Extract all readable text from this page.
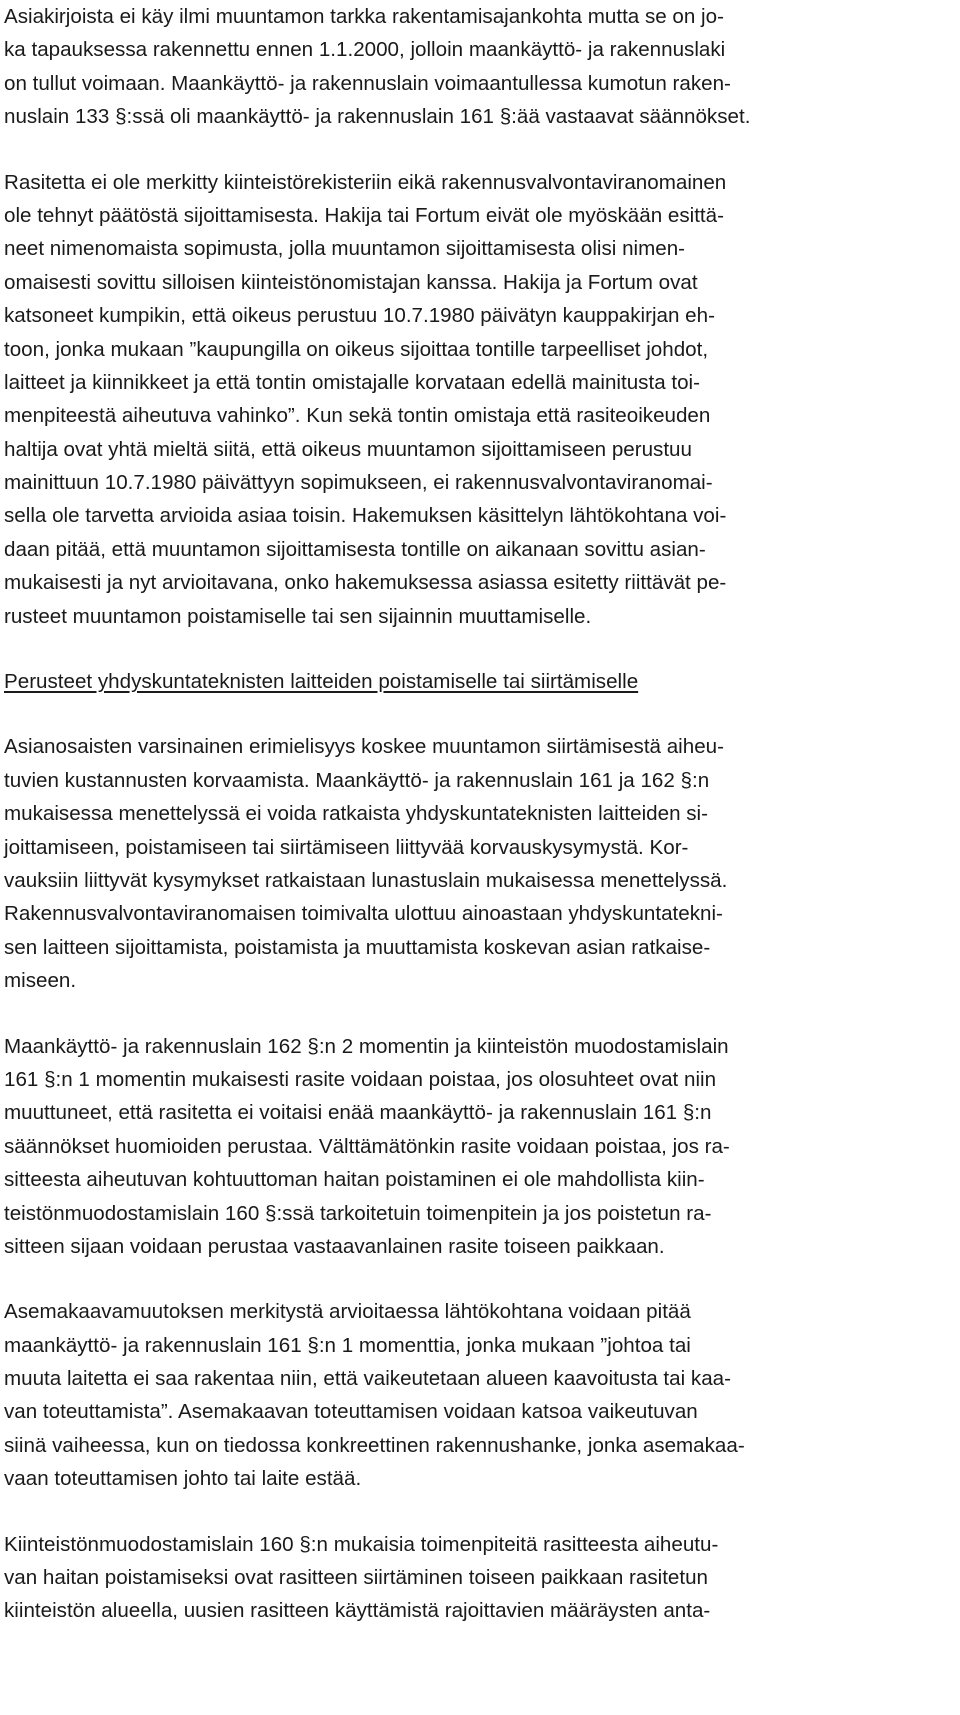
Asiakirjoista ei käy ilmi muuntamon tarkka rakentamisajankohta mutta se on jo-
ka tapauksessa rakennettu ennen 1.1.2000, jolloin maankäyttö- ja rakennuslaki
on tullut voimaan. Maankäyttö- ja rakennuslain voimaantullessa kumotun raken-
nuslain 133 §:ssä oli maankäyttö- ja rakennuslain 161 §:ää vastaavat säännökset.
Rasitetta ei ole merkitty kiinteistörekisteriin eikä rakennusvalvontaviranomainen
ole tehnyt päätöstä sijoittamisesta. Hakija tai Fortum eivät ole myöskään esittä-
neet nimenomaista sopimusta, jolla muuntamon sijoittamisesta olisi nimen-
omaisesti sovittu silloisen kiinteistönomistajan kanssa. Hakija ja Fortum ovat
katsoneet kumpikin, että oikeus perustuu 10.7.1980 päivätyn kauppakirjan eh-
toon, jonka mukaan ”kaupungilla on oikeus sijoittaa tontille tarpeelliset johdot,
laitteet ja kiinnikkeet ja että tontin omistajalle korvataan edellä mainitusta toi-
menpiteestä aiheutuva vahinko”. Kun sekä tontin omistaja että rasiteoikeuden
haltija ovat yhtä mieltä siitä, että oikeus muuntamon sijoittamiseen perustuu
mainittuun 10.7.1980 päivättyyn sopimukseen, ei rakennusvalvontaviranomai-
sella ole tarvetta arvioida asiaa toisin. Hakemuksen käsittelyn lähtökohtana voi-
daan pitää, että muuntamon sijoittamisesta tontille on aikanaan sovittu asian-
mukaisesti ja nyt arvioitavana, onko hakemuksessa asiassa esitetty riittävät pe-
rusteet muuntamon poistamiselle tai sen sijainnin muuttamiselle.
Perusteet yhdyskuntateknisten laitteiden poistamiselle tai siirtämiselle
Asianosaisten varsinainen erimielisyys koskee muuntamon siirtämisestä aiheu-
tuvien kustannusten korvaamista. Maankäyttö- ja rakennuslain 161 ja 162 §:n
mukaisessa menettelyssä ei voida ratkaista yhdyskuntateknisten laitteiden si-
joittamiseen, poistamiseen tai siirtämiseen liittyvää korvauskysymystä. Kor-
vauksiin liittyvät kysymykset ratkaistaan lunastuslain mukaisessa menettelyssä.
Rakennusvalvontaviranomaisen toimivalta ulottuu ainoastaan yhdyskuntatekni-
sen laitteen sijoittamista, poistamista ja muuttamista koskevan asian ratkaise-
miseen.
Maankäyttö- ja rakennuslain 162 §:n 2 momentin ja kiinteistön muodostamislain
161 §:n 1 momentin mukaisesti rasite voidaan poistaa, jos olosuhteet ovat niin
muuttuneet, että rasitetta ei voitaisi enää maankäyttö- ja rakennuslain 161 §:n
säännökset huomioiden perustaa. Välttämätönkin rasite voidaan poistaa, jos ra-
sitteesta aiheutuvan kohtuuttoman haitan poistaminen ei ole mahdollista kiin-
teistönmuodostamislain 160 §:ssä tarkoitetuin toimenpitein ja jos poistetun ra-
sitteen sijaan voidaan perustaa vastaavanlainen rasite toiseen paikkaan.
Asemakaavamuutoksen merkitystä arvioitaessa lähtökohtana voidaan pitää
maankäyttö- ja rakennuslain 161 §:n 1 momenttia, jonka mukaan ”johtoa tai
muuta laitetta ei saa rakentaa niin, että vaikeutetaan alueen kaavoitusta tai kaa-
van toteuttamista”. Asemakaavan toteuttamisen voidaan katsoa vaikeutuvan
siinä vaiheessa, kun on tiedossa konkreettinen rakennushanke, jonka asemakaa-
vaan toteuttamisen johto tai laite estää.
Kiinteistönmuodostamislain 160 §:n mukaisia toimenpiteitä rasitteesta aiheutu-
van haitan poistamiseksi ovat rasitteen siirtäminen toiseen paikkaan rasitetun
kiinteistön alueella, uusien rasitteen käyttämistä rajoittavien määräysten anta-
